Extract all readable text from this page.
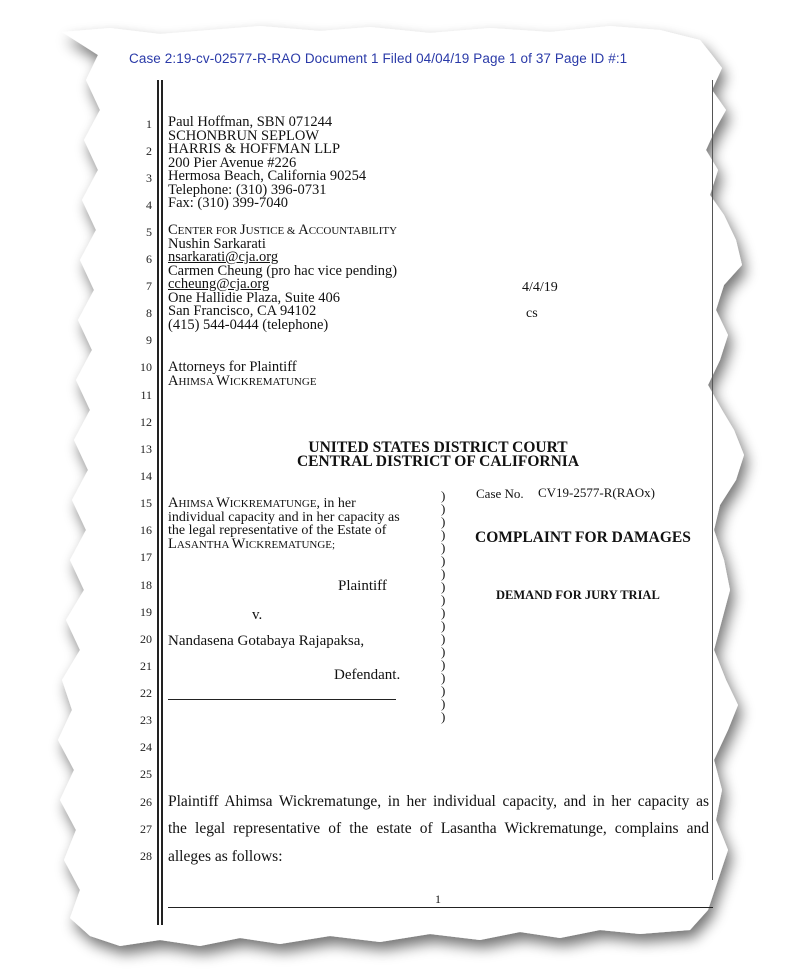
Case 2:19-cv-02577-R-RAO Document 1 Filed 04/04/19 Page 1 of 37 Page ID #:1
1
2
3
4
5
6
7
8
9
10
11
12
13
14
15
16
17
18
19
20
21
22
23
24
25
26
27
28
Paul Hoffman, SBN 071244
SCHONBRUN SEPLOW
HARRIS & HOFFMAN LLP
200 Pier Avenue #226
Hermosa Beach, California 90254
Telephone: (310) 396-0731
Fax: (310) 399-7040
CENTER FOR JUSTICE & ACCOUNTABILITY
Nushin Sarkarati
nsarkarati@cja.org
Carmen Cheung (pro hac vice pending)
ccheung@cja.org
One Hallidie Plaza, Suite 406
San Francisco, CA 94102
(415) 544-0444 (telephone)
4/4/19
cs
Attorneys for Plaintiff
AHIMSA WICKREMATUNGE
UNITED STATES DISTRICT COURT
CENTRAL DISTRICT OF CALIFORNIA
AHIMSA WICKREMATUNGE, in her
individual capacity and in her capacity as
the legal representative of the Estate of
LASANTHA WICKREMATUNGE;
Plaintiff
v.
Nandasena Gotabaya Rajapaksa,
Defendant.
)
)
)
)
)
)
)
)
)
)
)
)
)
)
)
)
)
)
Case No. CV19-2577-R(RAOx)
COMPLAINT FOR DAMAGES
DEMAND FOR JURY TRIAL
Plaintiff Ahimsa Wickrematunge, in her individual capacity, and in her capacity as
the legal representative of the estate of Lasantha Wickrematunge, complains and
alleges as follows:
1
